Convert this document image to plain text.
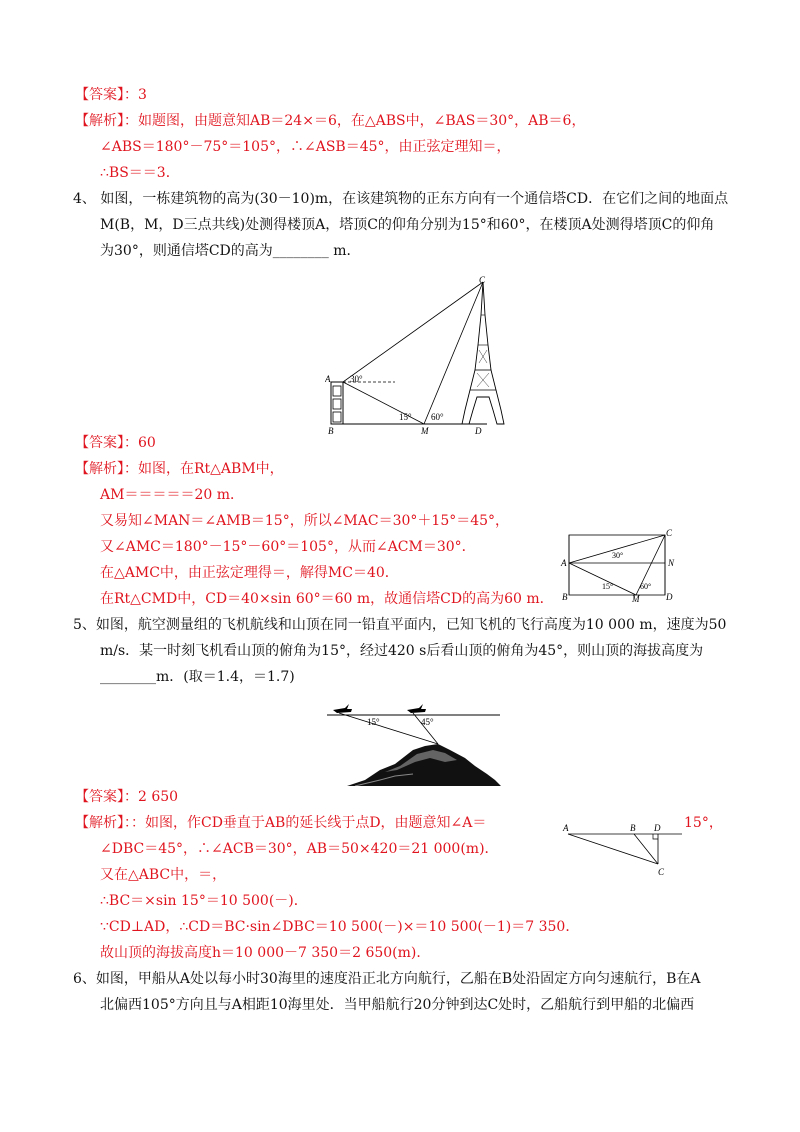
【答案】：3
【解析】：如题图，由题意知AB＝24×＝6，在△ABS中，∠BAS＝30°，AB＝6，
∠ABS＝180°－75°＝105°，∴∠ASB＝45°，由正弦定理知＝，
∴BS＝＝3．
4、 如图，一栋建筑物的高为(30－10)m，在该建筑物的正东方向有一个通信塔CD．在它们之间的地面点
M(B，M，D三点共线)处测得楼顶A，塔顶C的仰角分别为15°和60°，在楼顶A处测得塔顶C的仰角
为30°，则通信塔CD的高为________ m．
【答案】：60
【解析】：如图，在Rt△ABM中，
AM＝＝＝＝＝20 m．
又易知∠MAN＝∠AMB＝15°，所以∠MAC＝30°＋15°＝45°，
又∠AMC＝180°－15°－60°＝105°，从而∠ACM＝30°．
在△AMC中，由正弦定理得＝，解得MC＝40．
在Rt△CMD中，CD＝40×sin 60°＝60 m，故通信塔CD的高为60 m．
5、如图，航空测量组的飞机航线和山顶在同一铅直平面内，已知飞机的飞行高度为10 000 m，速度为50
m/s．某一时刻飞机看山顶的俯角为15°，经过420 s后看山顶的俯角为45°，则山顶的海拔高度为
________m．(取＝1.4，＝1.7)
【答案】：2 650
【解析】：：如图，作CD垂直于AB的延长线于点D，由题意知∠A＝	15°，
∠DBC＝45°，∴∠ACB＝30°，AB＝50×420＝21 000(m)．
又在△ABC中，＝，
∴BC＝×sin 15°＝10 500(－)．
∵CD⊥AD，∴CD＝BC·sin∠DBC＝10 500(－)×＝10 500(－1)＝7 350．
故山顶的海拔高度h＝10 000－7 350＝2 650(m)．
6、如图，甲船从A处以每小时30海里的速度沿正北方向航行，乙船在B处沿固定方向匀速航行，B在A
北偏西105°方向且与A相距10海里处．当甲船航行20分钟到达C处时，乙船航行到甲船的北偏西
A
B	M	D
C
30°
15° 60°
A
C
N
B	M	D
30°
15°	60°
15°	45°
A	B D
C
